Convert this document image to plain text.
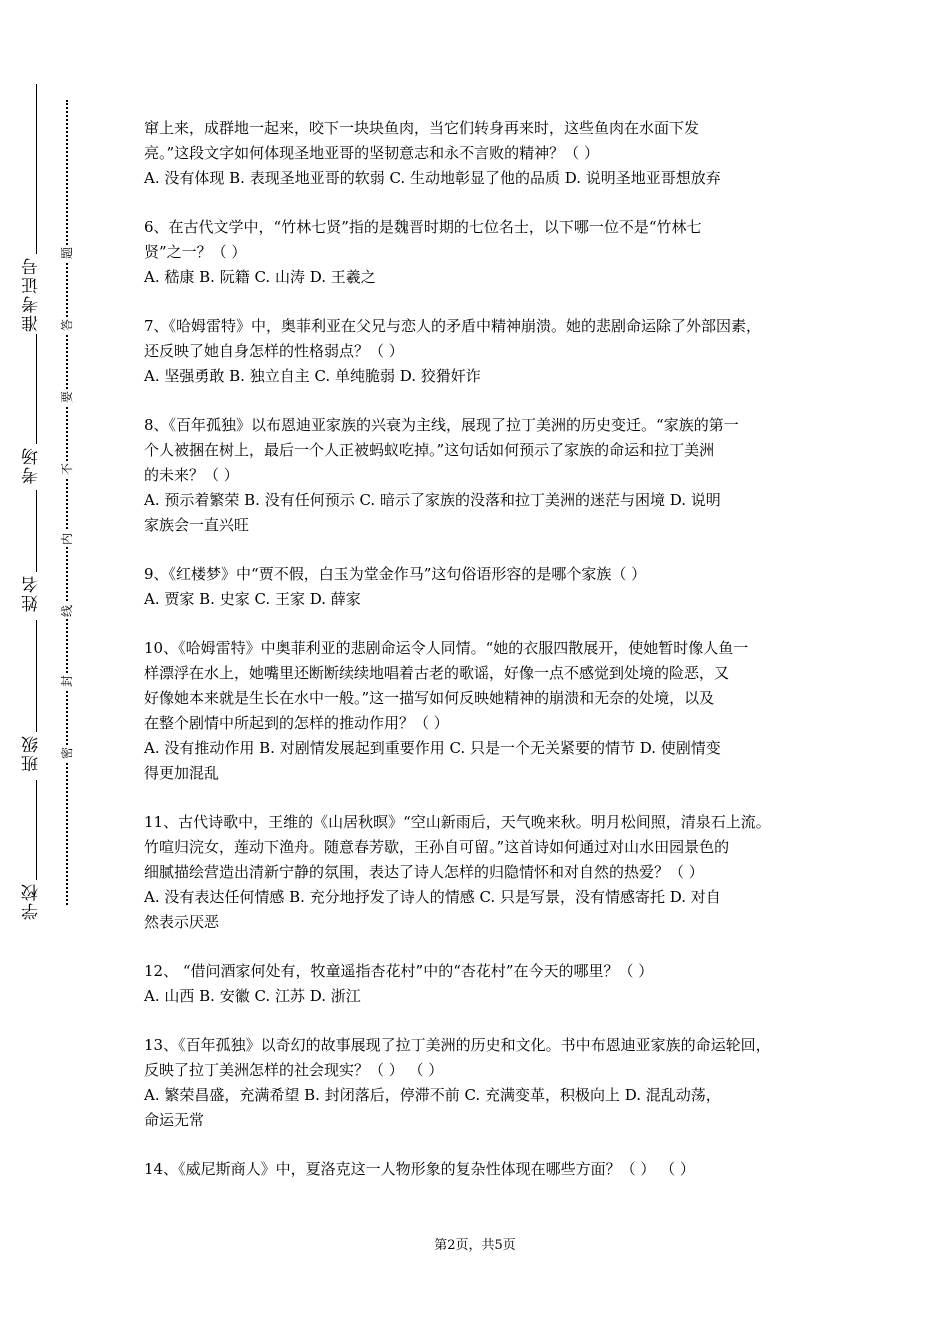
准考证号
考场
姓名
班级
学校
题
答
要
不
内
线
封
密

窜上来，成群地一起来，咬下一块块鱼肉，当它们转身再来时，这些鱼肉在水面下发

亮。”这段文字如何体现圣地亚哥的坚韧意志和永不言败的精神？（ ）

A. 没有体现 B. 表现圣地亚哥的软弱 C. 生动地彰显了他的品质 D. 说明圣地亚哥想放弃

6、在古代文学中，“竹林七贤”指的是魏晋时期的七位名士，以下哪一位不是“竹林七

贤”之一？（ ）

A. 嵇康 B. 阮籍 C. 山涛 D. 王羲之

7、《哈姆雷特》中，奥菲利亚在父兄与恋人的矛盾中精神崩溃。她的悲剧命运除了外部因素，

还反映了她自身怎样的性格弱点？（ ）

A. 坚强勇敢 B. 独立自主 C. 单纯脆弱 D. 狡猾奸诈

8、《百年孤独》以布恩迪亚家族的兴衰为主线，展现了拉丁美洲的历史变迁。“家族的第一

个人被捆在树上，最后一个人正被蚂蚁吃掉。”这句话如何预示了家族的命运和拉丁美洲

的未来？（ ）

A. 预示着繁荣 B. 没有任何预示 C. 暗示了家族的没落和拉丁美洲的迷茫与困境 D. 说明

家族会一直兴旺

9、《红楼梦》中“贾不假，白玉为堂金作马”这句俗语形容的是哪个家族（ ）

A. 贾家 B. 史家 C. 王家 D. 薛家

10、《哈姆雷特》中奥菲利亚的悲剧命运令人同情。“她的衣服四散展开，使她暂时像人鱼一

样漂浮在水上，她嘴里还断断续续地唱着古老的歌谣，好像一点不感觉到处境的险恶，又

好像她本来就是生长在水中一般。”这一描写如何反映她精神的崩溃和无奈的处境，以及

在整个剧情中所起到的怎样的推动作用？（ ）

A. 没有推动作用 B. 对剧情发展起到重要作用 C. 只是一个无关紧要的情节 D. 使剧情变

得更加混乱

11、古代诗歌中，王维的《山居秋暝》“空山新雨后，天气晚来秋。明月松间照，清泉石上流。

竹喧归浣女，莲动下渔舟。随意春芳歇，王孙自可留。”这首诗如何通过对山水田园景色的

细腻描绘营造出清新宁静的氛围，表达了诗人怎样的归隐情怀和对自然的热爱？（ ）

A. 没有表达任何情感 B. 充分地抒发了诗人的情感 C. 只是写景，没有情感寄托 D. 对自

然表示厌恶

12、 “借问酒家何处有，牧童遥指杏花村”中的“杏花村”在今天的哪里？（ ）

A. 山西 B. 安徽 C. 江苏 D. 浙江

13、《百年孤独》以奇幻的故事展现了拉丁美洲的历史和文化。书中布恩迪亚家族的命运轮回，

反映了拉丁美洲怎样的社会现实？（ ） （ ）

A. 繁荣昌盛，充满希望 B. 封闭落后，停滞不前 C. 充满变革，积极向上 D. 混乱动荡，

命运无常

14、《威尼斯商人》中，夏洛克这一人物形象的复杂性体现在哪些方面？（ ） （ ）

第2页，共5页
